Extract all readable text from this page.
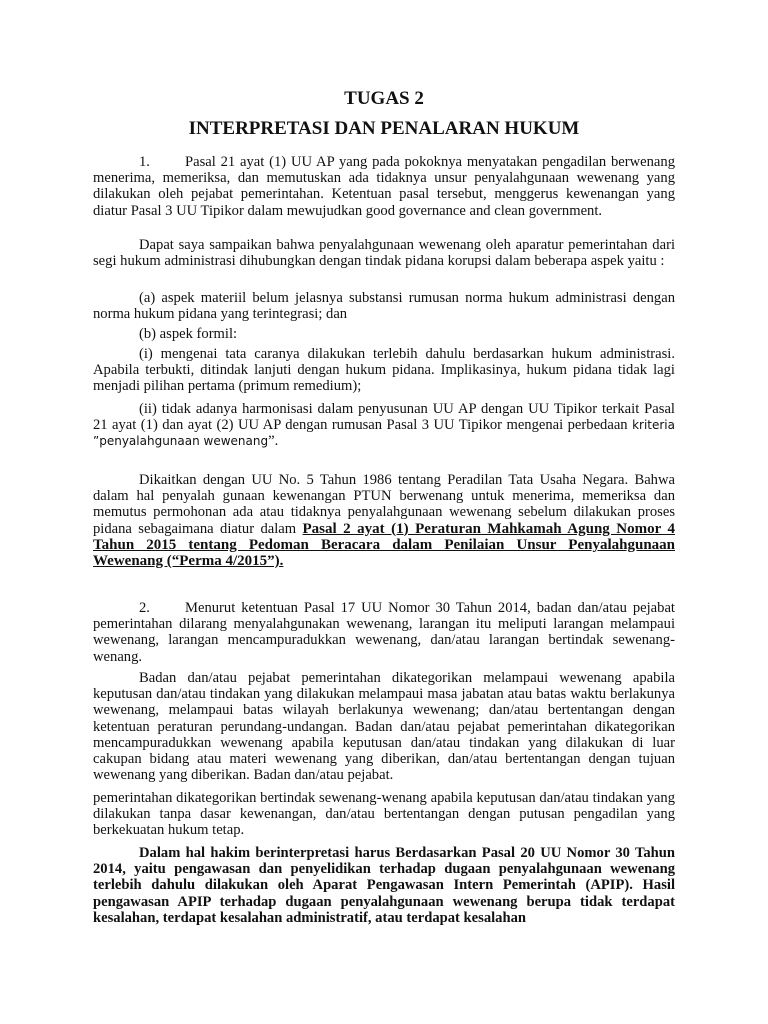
TUGAS 2
INTERPRETASI DAN PENALARAN HUKUM

1. Pasal 21 ayat (1) UU AP yang pada pokoknya menyatakan pengadilan berwenang menerima, memeriksa, dan memutuskan ada tidaknya unsur penyalahgunaan wewenang yang dilakukan oleh pejabat pemerintahan. Ketentuan pasal tersebut, menggerus kewenangan yang diatur Pasal 3 UU Tipikor dalam mewujudkan good governance and clean government.

Dapat saya sampaikan bahwa penyalahgunaan wewenang oleh aparatur pemerintahan dari segi hukum administrasi dihubungkan dengan tindak pidana korupsi dalam beberapa aspek yaitu :

(a) aspek materiil belum jelasnya substansi rumusan norma hukum administrasi dengan norma hukum pidana yang terintegrasi; dan

(b) aspek formil:

(i) mengenai tata caranya dilakukan terlebih dahulu berdasarkan hukum administrasi. Apabila terbukti, ditindak lanjuti dengan hukum pidana. Implikasinya, hukum pidana tidak lagi menjadi pilihan pertama (primum remedium);

(ii) tidak adanya harmonisasi dalam penyusunan UU AP dengan UU Tipikor terkait Pasal 21 ayat (1) dan ayat (2) UU AP dengan rumusan Pasal 3 UU Tipikor mengenai perbedaan kriteria ”penyalahgunaan wewenang”.

Dikaitkan dengan UU No. 5 Tahun 1986 tentang Peradilan Tata Usaha Negara. Bahwa dalam hal penyalah gunaan kewenangan PTUN berwenang untuk menerima, memeriksa dan memutus permohonan ada atau tidaknya penyalahgunaan wewenang sebelum dilakukan proses pidana sebagaimana diatur dalam Pasal 2 ayat (1) Peraturan Mahkamah Agung Nomor 4 Tahun 2015 tentang Pedoman Beracara dalam Penilaian Unsur Penyalahgunaan Wewenang (“Perma 4/2015”).

2. Menurut ketentuan Pasal 17 UU Nomor 30 Tahun 2014, badan dan/atau pejabat pemerintahan dilarang menyalahgunakan wewenang, larangan itu meliputi larangan melampaui wewenang, larangan mencampuradukkan wewenang, dan/atau larangan bertindak sewenang-wenang.

Badan dan/atau pejabat pemerintahan dikategorikan melampaui wewenang apabila keputusan dan/atau tindakan yang dilakukan melampaui masa jabatan atau batas waktu berlakunya wewenang, melampaui batas wilayah berlakunya wewenang; dan/atau bertentangan dengan ketentuan peraturan perundang-undangan. Badan dan/atau pejabat pemerintahan dikategorikan mencampuradukkan wewenang apabila keputusan dan/atau tindakan yang dilakukan di luar cakupan bidang atau materi wewenang yang diberikan, dan/atau bertentangan dengan tujuan wewenang yang diberikan. Badan dan/atau pejabat.

pemerintahan dikategorikan bertindak sewenang-wenang apabila keputusan dan/atau tindakan yang dilakukan tanpa dasar kewenangan, dan/atau bertentangan dengan putusan pengadilan yang berkekuatan hukum tetap.

Dalam hal hakim berinterpretasi harus Berdasarkan Pasal 20 UU Nomor 30 Tahun 2014, yaitu pengawasan dan penyelidikan terhadap dugaan penyalahgunaan wewenang terlebih dahulu dilakukan oleh Aparat Pengawasan Intern Pemerintah (APIP). Hasil pengawasan APIP terhadap dugaan penyalahgunaan wewenang berupa tidak terdapat kesalahan, terdapat kesalahan administratif, atau terdapat kesalahan
